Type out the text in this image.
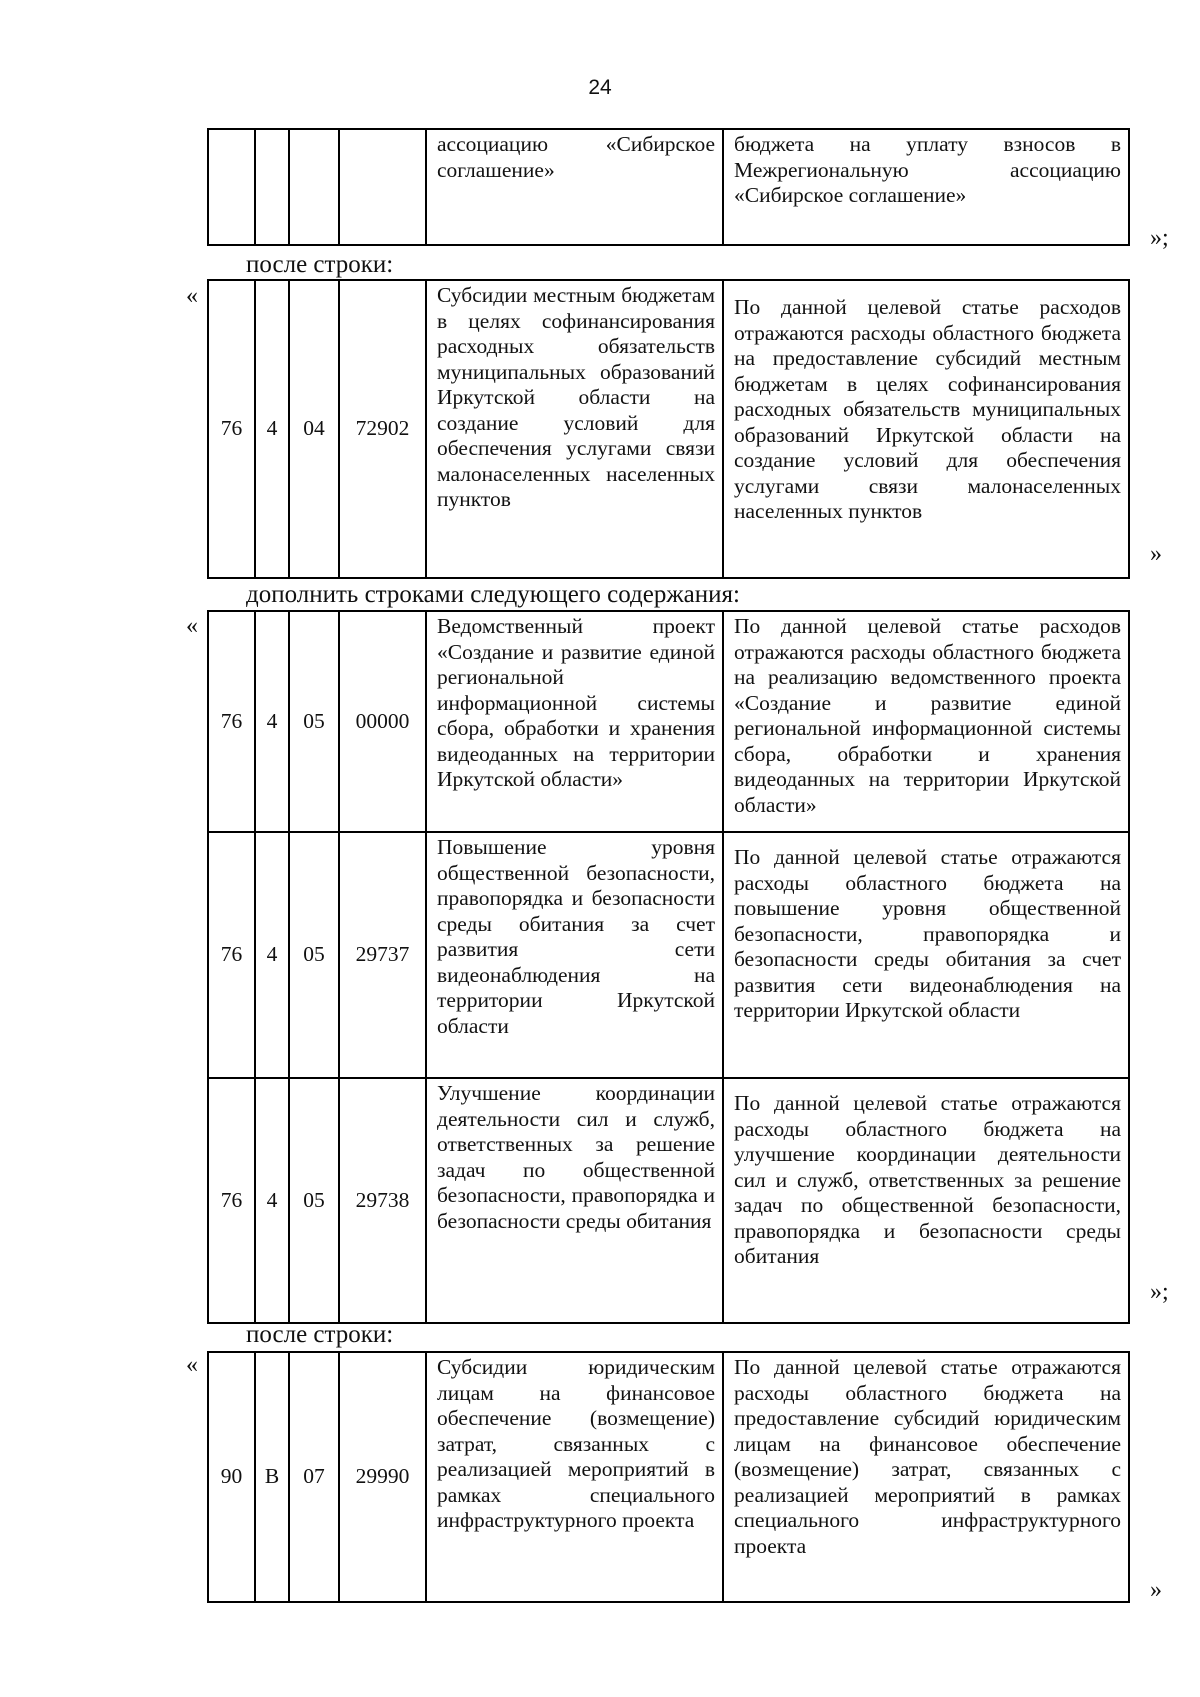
24
				ассоциацию «Сибирское соглашение»	бюджета на уплату взносов в Межрегиональную ассоциацию «Сибирское соглашение»
»;
после строки:
«
76	4	04	72902	Субсидии местным бюджетам в целях софинансирования расходных обязательств муниципальных образований Иркутской области на создание условий для обеспечения услугами связи малонаселенных населенных пунктов	По данной целевой статье расходов отражаются расходы областного бюджета на предоставление субсидий местным бюджетам в целях софинансирования расходных обязательств муниципальных образований Иркутской области на создание условий для обеспечения услугами связи малонаселенных населенных пунктов
»
дополнить строками следующего содержания:
«
76	4	05	00000	Ведомственный проект «Создание и развитие единой региональной информационной системы сбора, обработки и хранения видеоданных на территории Иркутской области»	По данной целевой статье расходов отражаются расходы областного бюджета на реализацию ведомственного проекта «Создание и развитие единой региональной информационной системы сбора, обработки и хранения видеоданных на территории Иркутской области»
76	4	05	29737	Повышение уровня общественной безопасности, правопорядка и безопасности среды обитания за счет развития сети видеонаблюдения на территории Иркутской области	По данной целевой статье отражаются расходы областного бюджета на повышение уровня общественной безопасности, правопорядка и безопасности среды обитания за счет развития сети видеонаблюдения на территории Иркутской области
76	4	05	29738	Улучшение координации деятельности сил и служб, ответственных за решение задач по общественной безопасности, правопорядка и безопасности среды обитания	По данной целевой статье отражаются расходы областного бюджета на улучшение координации деятельности сил и служб, ответственных за решение задач по общественной безопасности, правопорядка и безопасности среды обитания
»;
после строки:
«
90	В	07	29990	Субсидии юридическим лицам на финансовое обеспечение (возмещение) затрат, связанных с реализацией мероприятий в рамках специального инфраструктурного проекта	По данной целевой статье отражаются расходы областного бюджета на предоставление субсидий юридическим лицам на финансовое обеспечение (возмещение) затрат, связанных с реализацией мероприятий в рамках специального инфраструктурного проекта
»
